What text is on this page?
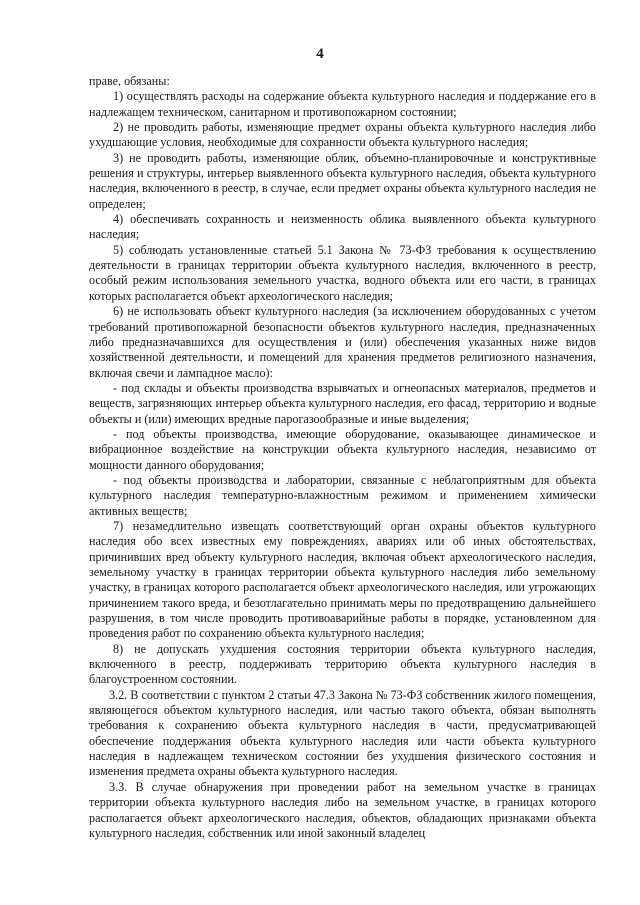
4

праве, обязаны:

1) осуществлять расходы на содержание объекта культурного наследия и поддержание его в надлежащем техническом, санитарном и противопожарном состоянии;

2) не проводить работы, изменяющие предмет охраны объекта культурного наследия либо ухудшающие условия, необходимые для сохранности объекта культурного наследия;

3) не проводить работы, изменяющие облик, объемно-планировочные и конструктивные решения и структуры, интерьер выявленного объекта культурного наследия, объекта культурного наследия, включенного в реестр, в случае, если предмет охраны объекта культурного наследия не определен;

4) обеспечивать сохранность и неизменность облика выявленного объекта культурного наследия;

5) соблюдать установленные статьей 5.1 Закона № 73-ФЗ требования к осуществлению деятельности в границах территории объекта культурного наследия, включенного в реестр, особый режим использования земельного участка, водного объекта или его части, в границах которых располагается объект археологического наследия;

6) не использовать объект культурного наследия (за исключением оборудованных с учетом требований противопожарной безопасности объектов культурного наследия, предназначенных либо предназначавшихся для осуществления и (или) обеспечения указанных ниже видов хозяйственной деятельности, и помещений для хранения предметов религиозного назначения, включая свечи и лампадное масло):

- под склады и объекты производства взрывчатых и огнеопасных материалов, предметов и веществ, загрязняющих интерьер объекта культурного наследия, его фасад, территорию и водные объекты и (или) имеющих вредные парогазообразные и иные выделения;

- под объекты производства, имеющие оборудование, оказывающее динамическое и вибрационное воздействие на конструкции объекта культурного наследия, независимо от мощности данного оборудования;

- под объекты производства и лаборатории, связанные с неблагоприятным для объекта культурного наследия температурно-влажностным режимом и применением химически активных веществ;

7) незамедлительно извещать соответствующий орган охраны объектов культурного наследия обо всех известных ему повреждениях, авариях или об иных обстоятельствах, причинивших вред объекту культурного наследия, включая объект археологического наследия, земельному участку в границах территории объекта культурного наследия либо земельному участку, в границах которого располагается объект археологического наследия, или угрожающих причинением такого вреда, и безотлагательно принимать меры по предотвращению дальнейшего разрушения, в том числе проводить противоаварийные работы в порядке, установленном для проведения работ по сохранению объекта культурного наследия;

8) не допускать ухудшения состояния территории объекта культурного наследия, включенного в реестр, поддерживать территорию объекта культурного наследия в благоустроенном состоянии.

3.2. В соответствии с пунктом 2 статьи 47.3 Закона № 73-ФЗ собственник жилого помещения, являющегося объектом культурного наследия, или частью такого объекта, обязан выполнять требования к сохранению объекта культурного наследия в части, предусматривающей обеспечение поддержания объекта культурного наследия или части объекта культурного наследия в надлежащем техническом состоянии без ухудшения физического состояния и изменения предмета охраны объекта культурного наследия.

3.3. В случае обнаружения при проведении работ на земельном участке в границах территории объекта культурного наследия либо на земельном участке, в границах которого располагается объект археологического наследия, объектов, обладающих признаками объекта культурного наследия, собственник или иной законный владелец
